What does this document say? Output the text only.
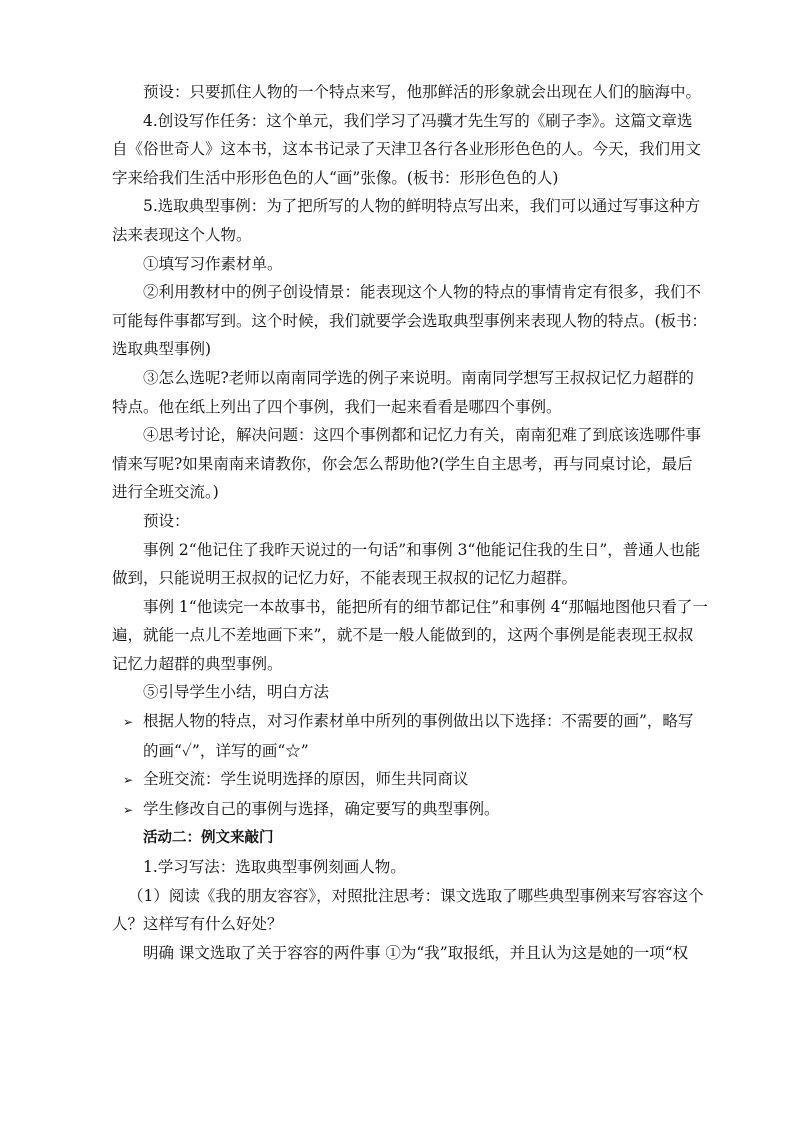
预设：只要抓住人物的一个特点来写，他那鲜活的形象就会出现在人们的脑海中。

4.创设写作任务：这个单元，我们学习了冯骥才先生写的《刷子李》。这篇文章选自《俗世奇人》这本书，这本书记录了天津卫各行各业形形色色的人。今天，我们用文字来给我们生活中形形色色的人“画”张像。(板书：形形色色的人)

5.选取典型事例：为了把所写的人物的鲜明特点写出来，我们可以通过写事这种方法来表现这个人物。

①填写习作素材单。

②利用教材中的例子创设情景：能表现这个人物的特点的事情肯定有很多，我们不可能每件事都写到。这个时候，我们就要学会选取典型事例来表现人物的特点。(板书：选取典型事例)

③怎么选呢?老师以南南同学选的例子来说明。南南同学想写王叔叔记忆力超群的特点。他在纸上列出了四个事例，我们一起来看看是哪四个事例。

④思考讨论，解决问题：这四个事例都和记忆力有关，南南犯难了到底该选哪件事情来写呢?如果南南来请教你，你会怎么帮助他?(学生自主思考，再与同桌讨论，最后进行全班交流。)

预设：

事例 2“他记住了我昨天说过的一句话”和事例 3“他能记住我的生日”，普通人也能做到，只能说明王叔叔的记忆力好，不能表现王叔叔的记忆力超群。

事例 1“他读完一本故事书，能把所有的细节都记住”和事例 4“那幅地图他只看了一遍，就能一点儿不差地画下来”，就不是一般人能做到的，这两个事例是能表现王叔叔记忆力超群的典型事例。

⑤引导学生小结，明白方法

➢ 根据人物的特点，对习作素材单中所列的事例做出以下选择：不需要的画”，略写的画“✓”，详写的画“☆”

➢ 全班交流：学生说明选择的原因，师生共同商议

➢ 学生修改自己的事例与选择，确定要写的典型事例。

活动二：例文来敲门

1.学习写法：选取典型事例刻画人物。

（1）阅读《我的朋友容容》，对照批注思考：课文选取了哪些典型事例来写容容这个人？这样写有什么好处？

明确 课文选取了关于容容的两件事 ①为“我”取报纸，并且认为这是她的一项“权
